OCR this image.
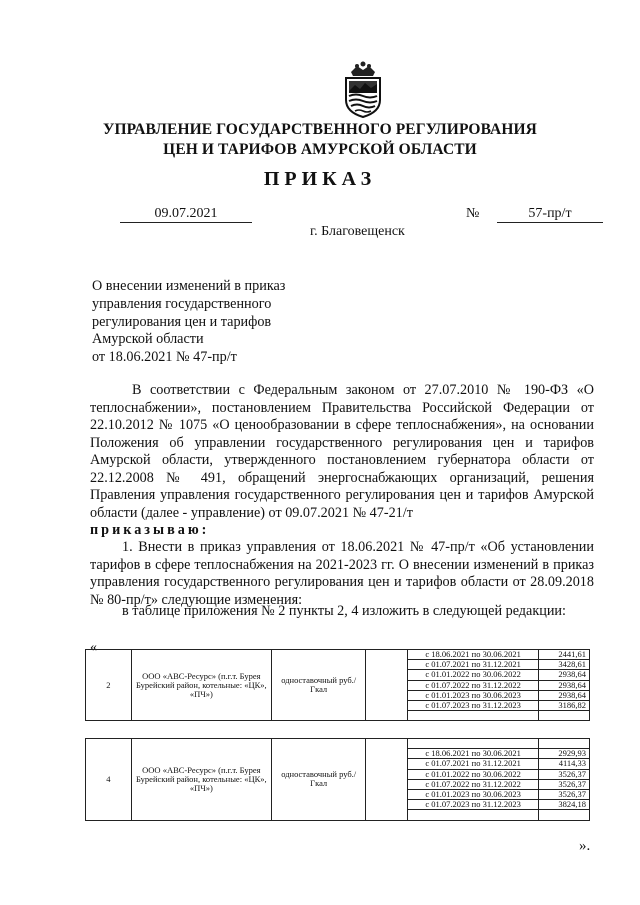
УПРАВЛЕНИЕ ГОСУДАРСТВЕННОГО РЕГУЛИРОВАНИЯ
ЦЕН И ТАРИФОВ АМУРСКОЙ ОБЛАСТИ
ПРИКАЗ
09.07.2021	№	57-пр/т
г. Благовещенск
О внесении изменений в приказ
управления государственного
регулирования цен и тарифов
Амурской области
от 18.06.2021 № 47-пр/т
В соответствии с Федеральным законом от 27.07.2010 № 190-ФЗ «О теплоснабжении», постановлением Правительства Российской Федерации от 22.10.2012 № 1075 «О ценообразовании в сфере теплоснабжения», на основании Положения об управлении государственного регулирования цен и тарифов Амурской области, утвержденного постановлением губернатора области от 22.12.2008 № 491, обращений энергоснабжающих организаций, решения Правления управления государственного регулирования цен и тарифов Амурской области (далее - управление) от 09.07.2021 № 47-21/т
приказываю:
1. Внести в приказ управления от 18.06.2021 № 47-пр/т «Об установлении тарифов в сфере теплоснабжения на 2021-2023 гг. О внесении изменений в приказ управления государственного регулирования цен и тарифов области от 28.09.2018 № 80-пр/т» следующие изменения:
в таблице приложения № 2 пункты 2, 4 изложить в следующей редакции:
«
2	ООО «АВС-Ресурс» (п.г.т. Бурея Бурейский район, котельные: «ЦК», «ПЧ»)	одноставочный руб./Гкал		с 18.06.2021 по 30.06.2021	2441,61
				с 01.07.2021 по 31.12.2021	3428,61
				с 01.01.2022 по 30.06.2022	2938,64
				с 01.07.2022 по 31.12.2022	2938,64
				с 01.01.2023 по 30.06.2023	2938,64
				с 01.07.2023 по 31.12.2023	3186,82

4	ООО «АВС-Ресурс» (п.г.т. Бурея Бурейский район, котельные: «ЦК», «ПЧ»)	одноставочный руб./Гкал			
				с 18.06.2021 по 30.06.2021	2929,93
				с 01.07.2021 по 31.12.2021	4114,33
				с 01.01.2022 по 30.06.2022	3526,37
				с 01.07.2022 по 31.12.2022	3526,37
				с 01.01.2023 по 30.06.2023	3526,37
				с 01.07.2023 по 31.12.2023	3824,18

».
